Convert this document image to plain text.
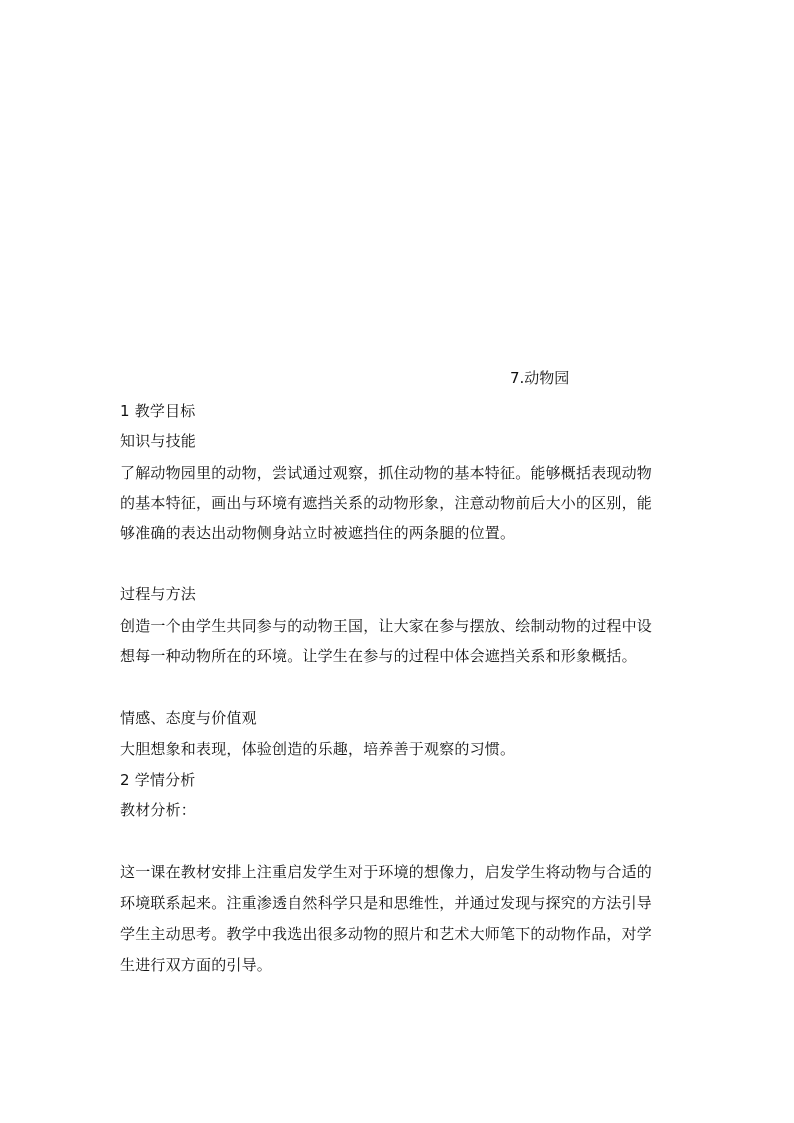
7.动物园
1 教学目标
知识与技能
了解动物园里的动物，尝试通过观察，抓住动物的基本特征。能够概括表现动物
的基本特征，画出与环境有遮挡关系的动物形象，注意动物前后大小的区别，能
够准确的表达出动物侧身站立时被遮挡住的两条腿的位置。
过程与方法
创造一个由学生共同参与的动物王国，让大家在参与摆放、绘制动物的过程中设
想每一种动物所在的环境。让学生在参与的过程中体会遮挡关系和形象概括。
情感、态度与价值观
大胆想象和表现，体验创造的乐趣，培养善于观察的习惯。
2 学情分析
教材分析：
这一课在教材安排上注重启发学生对于环境的想像力，启发学生将动物与合适的
环境联系起来。注重渗透自然科学只是和思维性，并通过发现与探究的方法引导
学生主动思考。教学中我选出很多动物的照片和艺术大师笔下的动物作品，对学
生进行双方面的引导。
